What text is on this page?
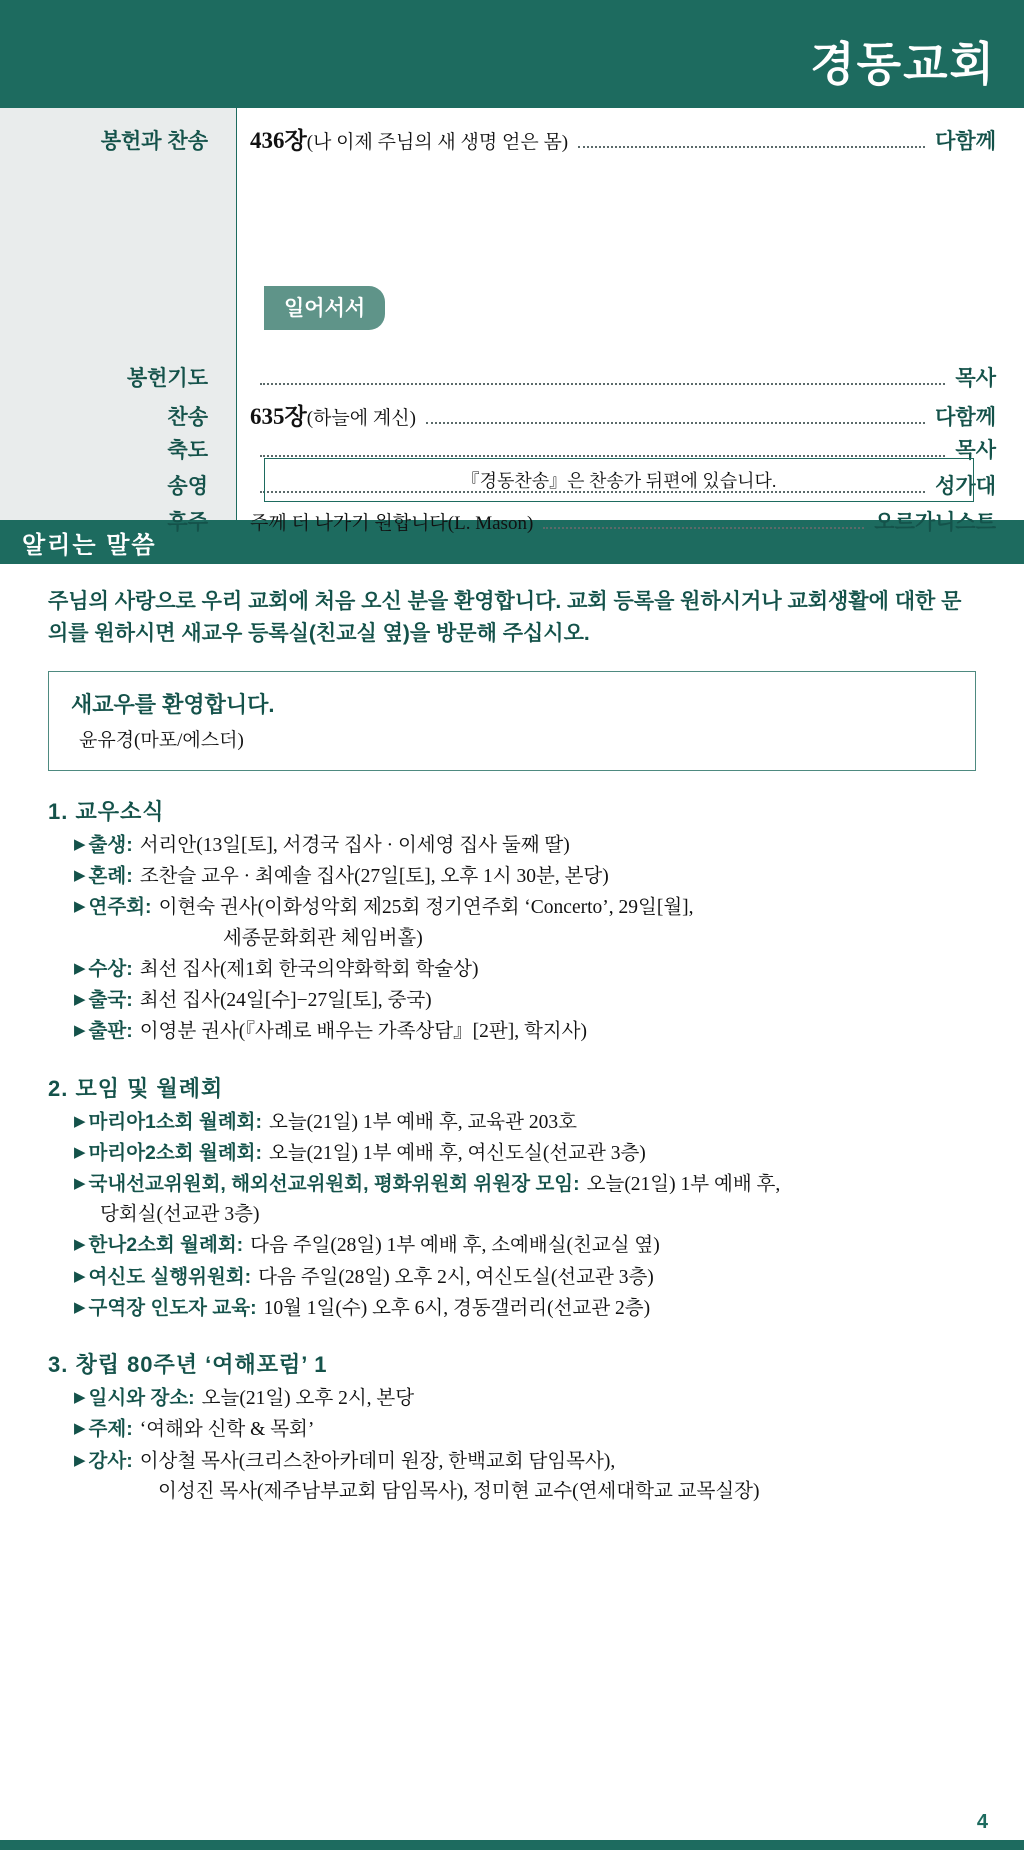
경동교회
봉헌과 찬송	436장 (나 이제 주님의 새 생명 얻은 몸)	다함께
일어서서
봉헌기도	목사
찬송	635장 (하늘에 계신)	다함께
축도	목사
송영	성가대
후주	주께 더 나가기 원합니다(L. Mason)	오르가니스트
『경동찬송』은 찬송가 뒤편에 있습니다.
알리는 말씀
주님의 사랑으로 우리 교회에 처음 오신 분을 환영합니다. 교회 등록을 원하시거나 교회생활에 대한 문의를 원하시면 새교우 등록실(친교실 옆)을 방문해 주십시오.
새교우를 환영합니다.
윤유경(마포/에스더)
1. 교우소식
▶ 출생: 서리안(13일[토], 서경국 집사 · 이세영 집사 둘째 딸)
▶ 혼례: 조찬슬 교우 · 최예솔 집사(27일[토], 오후 1시 30분, 본당)
▶ 연주회: 이현숙 권사(이화성악회 제25회 정기연주회 ‘Concerto’, 29일[월],
세종문화회관 체임버홀)
▶ 수상: 최선 집사(제1회 한국의약화학회 학술상)
▶ 출국: 최선 집사(24일[수]−27일[토], 중국)
▶ 출판: 이영분 권사(『사례로 배우는 가족상담』[2판], 학지사)
2. 모임 및 월례회
▶ 마리아1소회 월례회: 오늘(21일) 1부 예배 후, 교육관 203호
▶ 마리아2소회 월례회: 오늘(21일) 1부 예배 후, 여신도실(선교관 3층)
▶ 국내선교위원회, 해외선교위원회, 평화위원회 위원장 모임: 오늘(21일) 1부 예배 후,
당회실(선교관 3층)
▶ 한나2소회 월례회: 다음 주일(28일) 1부 예배 후, 소예배실(친교실 옆)
▶ 여신도 실행위원회: 다음 주일(28일) 오후 2시, 여신도실(선교관 3층)
▶ 구역장 인도자 교육: 10월 1일(수) 오후 6시, 경동갤러리(선교관 2층)
3. 창립 80주년 ‘여해포럼’ 1
▶ 일시와 장소: 오늘(21일) 오후 2시, 본당
▶ 주제: ‘여해와 신학 & 목회’
▶ 강사: 이상철 목사(크리스찬아카데미 원장, 한백교회 담임목사),
이성진 목사(제주남부교회 담임목사), 정미현 교수(연세대학교 교목실장)
4
